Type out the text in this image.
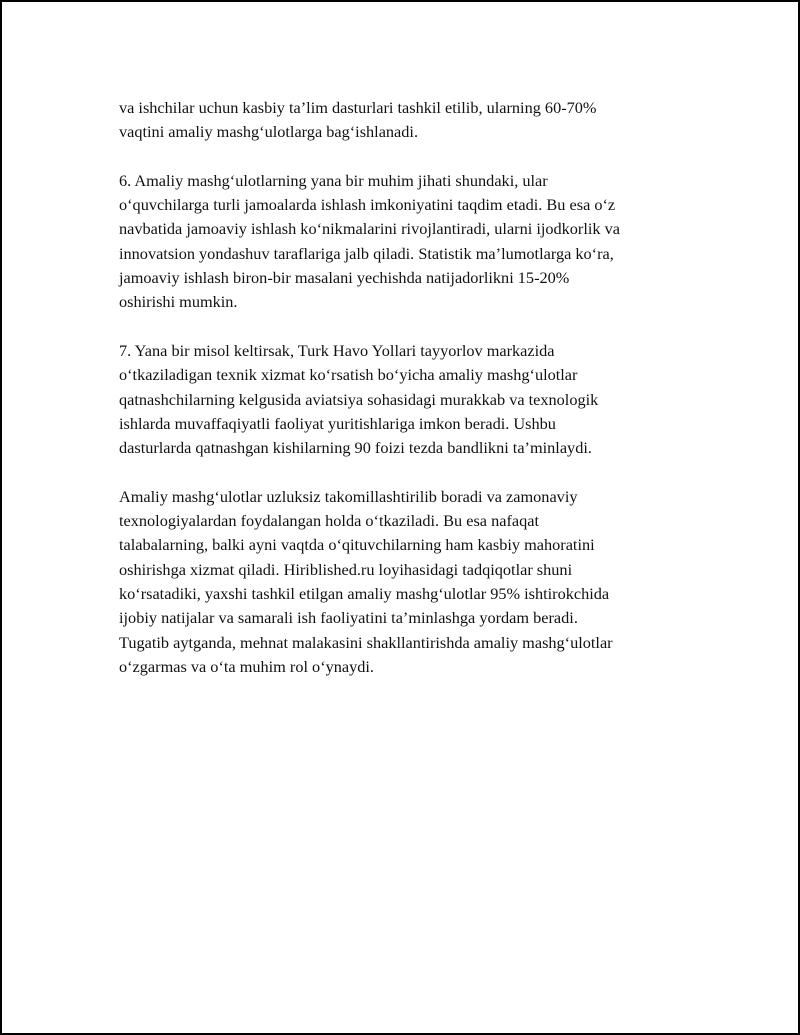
va ishchilar uchun kasbiy ta’lim dasturlari tashkil etilib, ularning 60-70%
vaqtini amaliy mashg‘ulotlarga bag‘ishlanadi.

6. Amaliy mashg‘ulotlarning yana bir muhim jihati shundaki, ular
o‘quvchilarga turli jamoalarda ishlash imkoniyatini taqdim etadi. Bu esa o‘z
navbatida jamoaviy ishlash ko‘nikmalarini rivojlantiradi, ularni ijodkorlik va
innovatsion yondashuv taraflariga jalb qiladi. Statistik ma’lumotlarga ko‘ra,
jamoaviy ishlash biron-bir masalani yechishda natijadorlikni 15-20%
oshirishi mumkin.

7. Yana bir misol keltirsak, Turk Havo Yollari tayyorlov markazida
o‘tkaziladigan texnik xizmat ko‘rsatish bo‘yicha amaliy mashg‘ulotlar
qatnashchilarning kelgusida aviatsiya sohasidagi murakkab va texnologik
ishlarda muvaffaqiyatli faoliyat yuritishlariga imkon beradi. Ushbu
dasturlarda qatnashgan kishilarning 90 foizi tezda bandlikni ta’minlaydi.

Amaliy mashg‘ulotlar uzluksiz takomillashtirilib boradi va zamonaviy
texnologiyalardan foydalangan holda o‘tkaziladi. Bu esa nafaqat
talabalarning, balki ayni vaqtda o‘qituvchilarning ham kasbiy mahoratini
oshirishga xizmat qiladi. Hiriblished.ru loyihasidagi tadqiqotlar shuni
ko‘rsatadiki, yaxshi tashkil etilgan amaliy mashg‘ulotlar 95% ishtirokchida
ijobiy natijalar va samarali ish faoliyatini ta’minlashga yordam beradi.
Tugatib aytganda, mehnat malakasini shakllantirishda amaliy mashg‘ulotlar
o‘zgarmas va o‘ta muhim rol o‘ynaydi.
